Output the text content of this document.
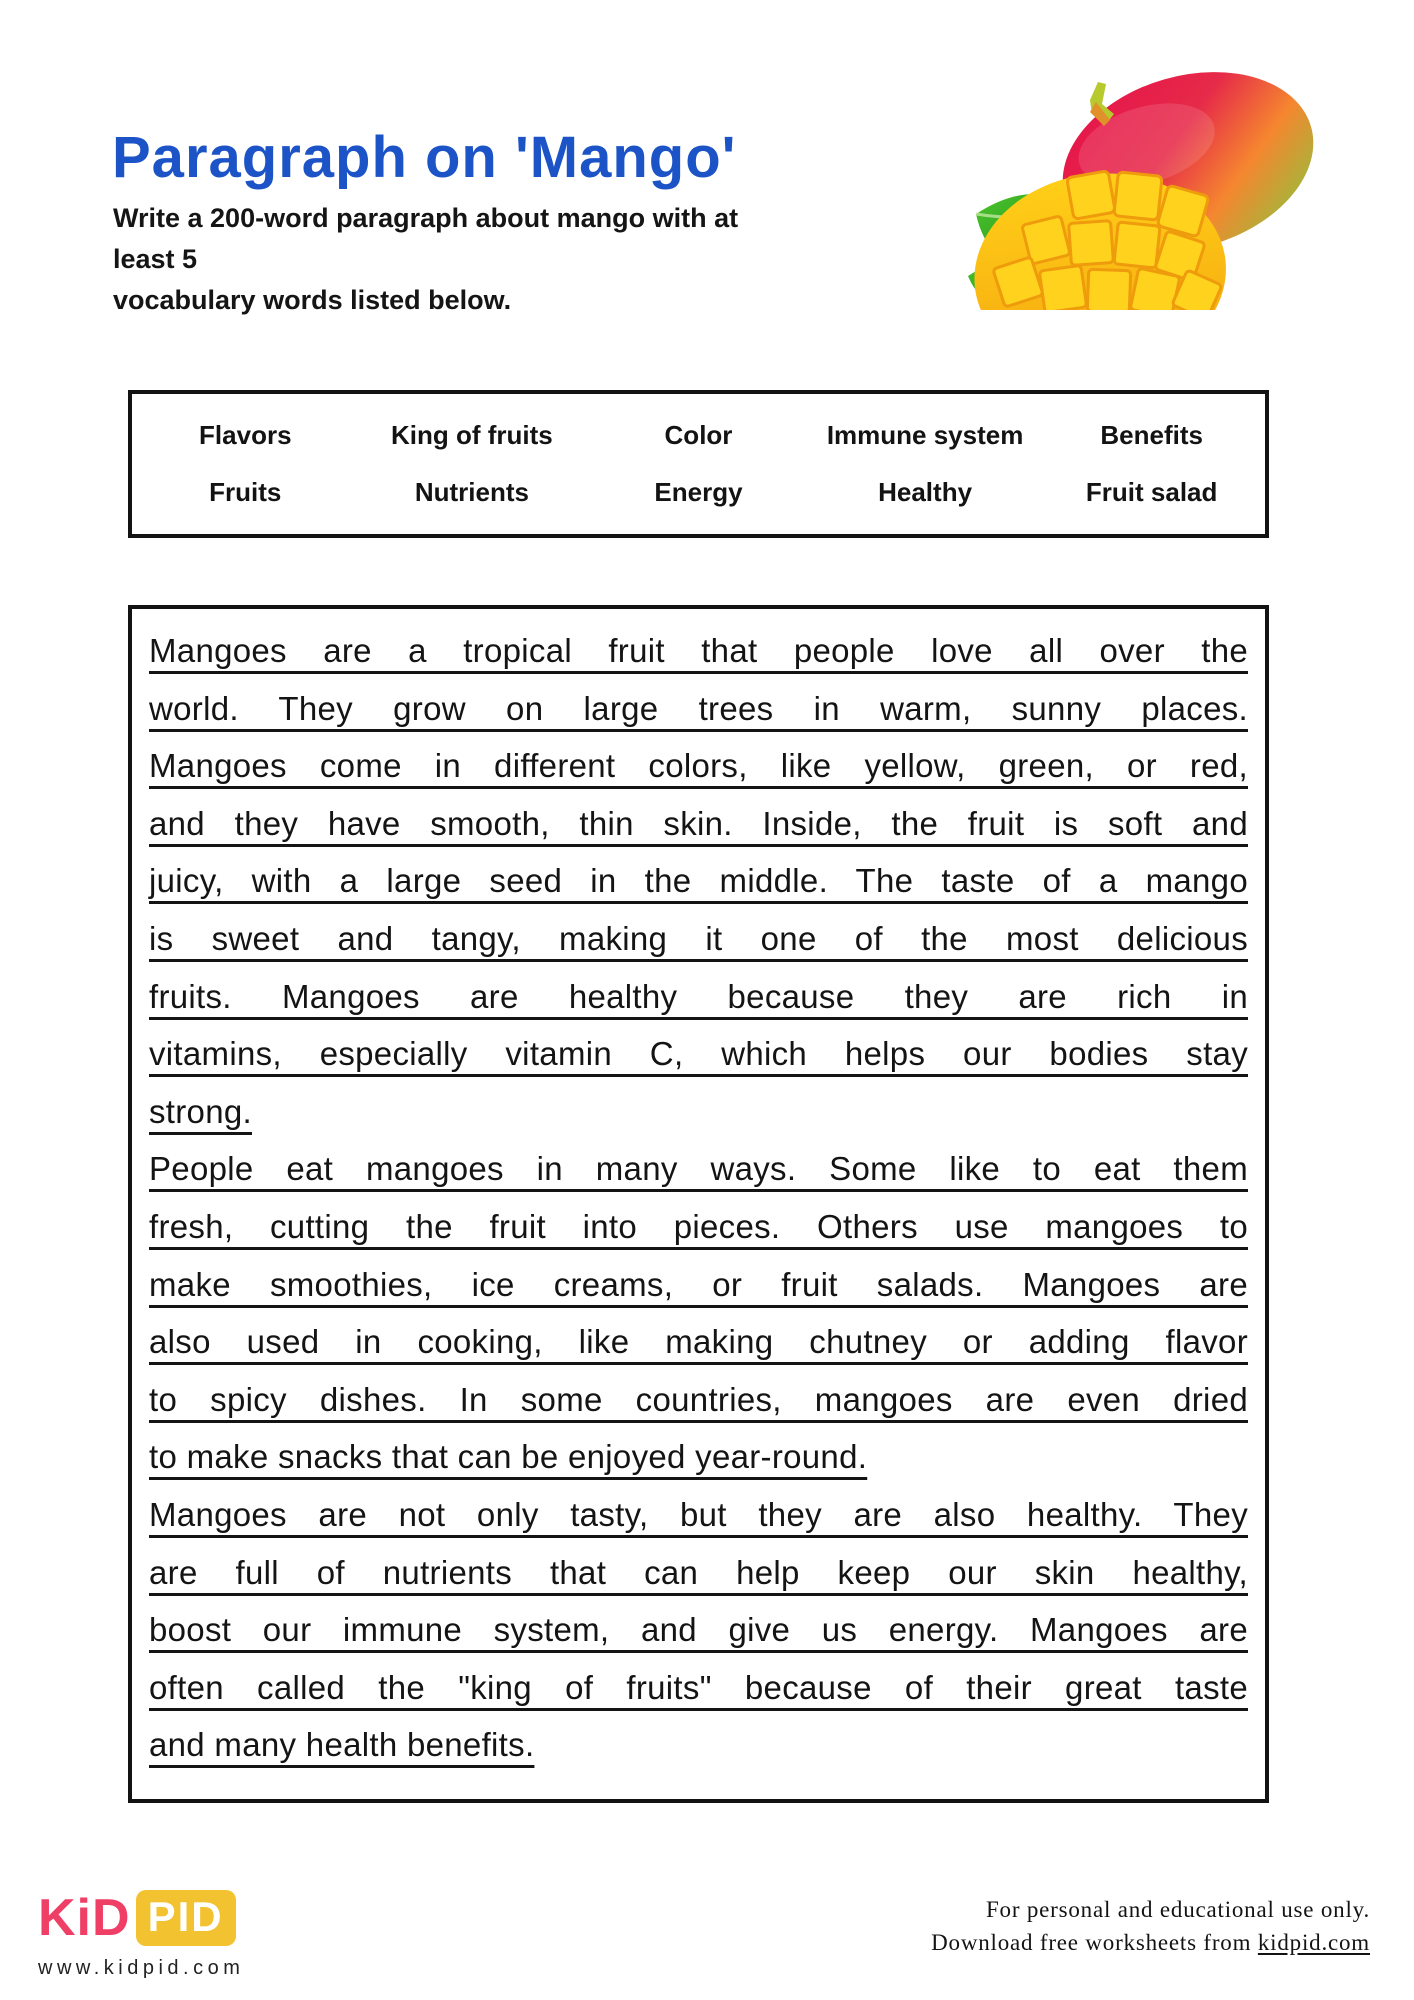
Paragraph on 'Mango'
Write a 200-word paragraph about mango with at least 5
vocabulary words listed below.
Flavors	King of fruits	Color	Immune system	Benefits
Fruits	Nutrients	Energy	Healthy	Fruit salad
Mangoes are a tropical fruit that people love all over the
world. They grow on large trees in warm, sunny places.
Mangoes come in different colors, like yellow, green, or red,
and they have smooth, thin skin. Inside, the fruit is soft and
juicy, with a large seed in the middle. The taste of a mango
is sweet and tangy, making it one of the most delicious
fruits. Mangoes are healthy because they are rich in
vitamins, especially vitamin C, which helps our bodies stay
strong.
People eat mangoes in many ways. Some like to eat them
fresh, cutting the fruit into pieces. Others use mangoes to
make smoothies, ice creams, or fruit salads. Mangoes are
also used in cooking, like making chutney or adding flavor
to spicy dishes. In some countries, mangoes are even dried
to make snacks that can be enjoyed year-round.
Mangoes are not only tasty, but they are also healthy. They
are full of nutrients that can help keep our skin healthy,
boost our immune system, and give us energy. Mangoes are
often called the "king of fruits" because of their great taste
and many health benefits.
KiD PID
www.kidpid.com
For personal and educational use only.
Download free worksheets from kidpid.com
